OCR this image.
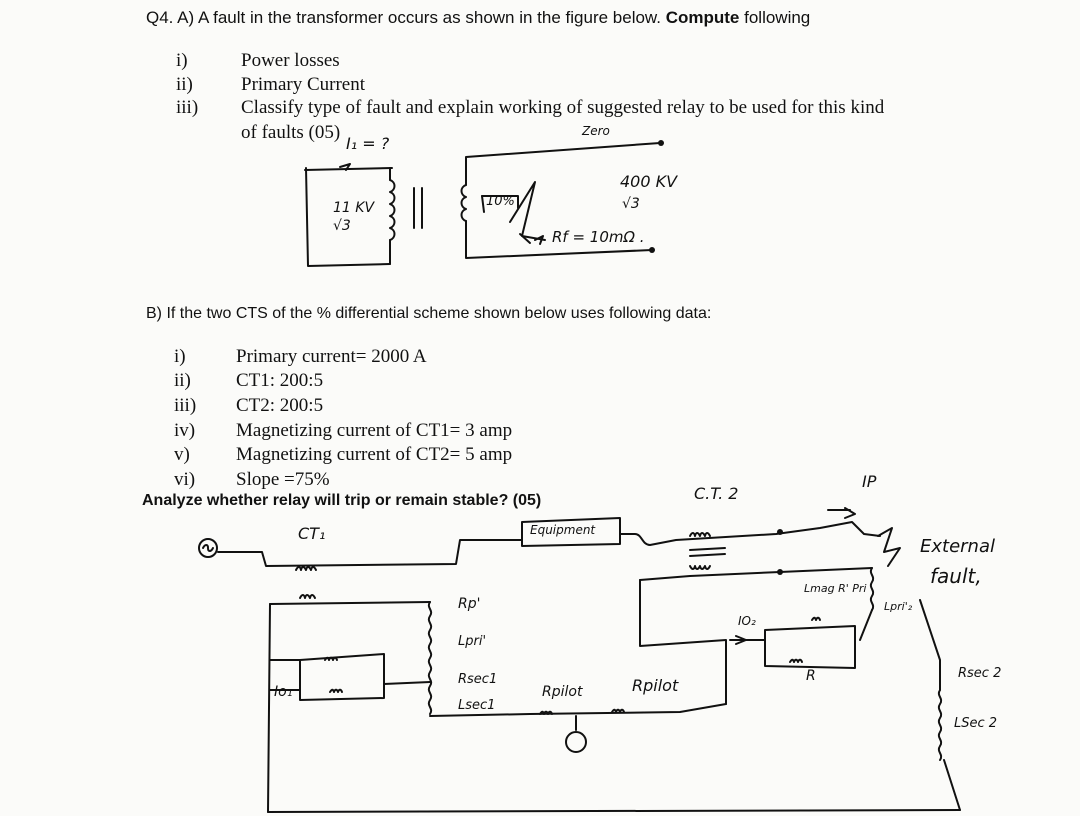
Q4. A) A fault in the transformer occurs as shown in the figure below. Compute following
i)	Power losses
ii)	Primary Current
iii) Classify type of fault and explain working of suggested relay to be used for this kind
of faults (05)
I₁ = ?
Zero
11 KV
√3
10%
400 KV
√3
Rf = 10mΩ .
B) If the two CTS of the % differential scheme shown below uses following data:
i)	Primary current= 2000 A
ii) CT1: 200:5
iii) CT2: 200:5
iv) Magnetizing current of CT1= 3 amp
v) Magnetizing current of CT2= 5 amp
vi) Slope =75%
Analyze whether relay will trip or remain stable? (05)
CT₁
C.T. 2
IP
Equipment
External
fault,
Rp'
Lpri'
Rsec1
Lsec1
Rpilot	Rpilot
Io₁
IO₂
R
Lmag R' Pri
Lpri'₂
Rsec 2
LSec 2
